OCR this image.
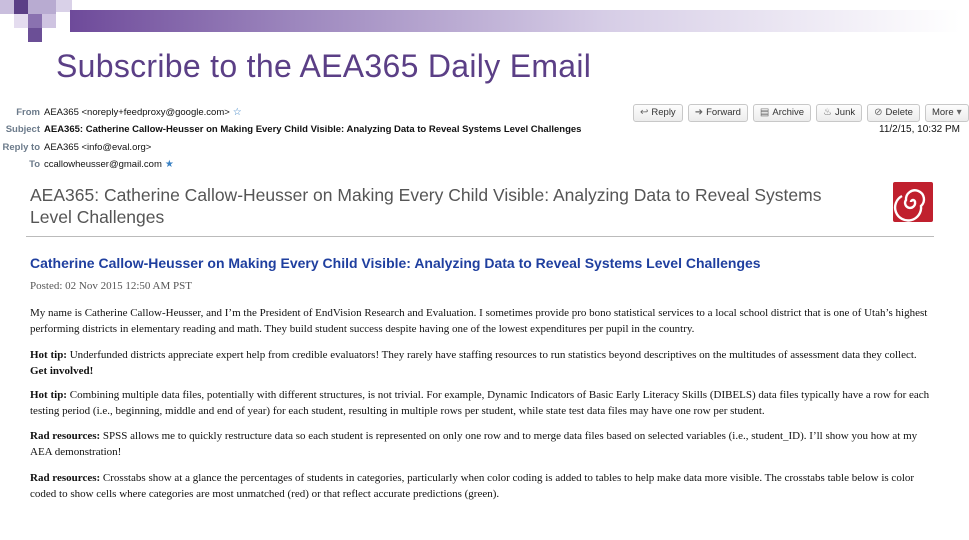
Subscribe to the AEA365 Daily Email
From AEA365 <noreply+feedproxy@google.com> ☆
Subject AEA365: Catherine Callow-Heusser on Making Every Child Visible: Analyzing Data to Reveal Systems Level Challenges
Reply to AEA365 <info@eval.org>
To ccallowheusser@gmail.com ★
↩ Reply ➜ Forward ▤ Archive ♨ Junk ⊘ Delete More ▾
11/2/15, 10:32 PM
AEA365: Catherine Callow-Heusser on Making Every Child Visible: Analyzing Data to Reveal Systems
Level Challenges
Catherine Callow-Heusser on Making Every Child Visible: Analyzing Data to Reveal Systems Level Challenges
Posted: 02 Nov 2015 12:50 AM PST
My name is Catherine Callow-Heusser, and I’m the President of EndVision Research and Evaluation. I sometimes provide pro bono statistical services to a local school district that is one of Utah’s highest performing districts in elementary reading and math. They build student success despite having one of the lowest expenditures per pupil in the country.
Hot tip: Underfunded districts appreciate expert help from credible evaluators! They rarely have staffing resources to run statistics beyond descriptives on the multitudes of assessment data they collect. Get involved!
Hot tip: Combining multiple data files, potentially with different structures, is not trivial. For example, Dynamic Indicators of Basic Early Literacy Skills (DIBELS) data files typically have a row for each testing period (i.e., beginning, middle and end of year) for each student, resulting in multiple rows per student, while state test data files may have one row per student.
Rad resources: SPSS allows me to quickly restructure data so each student is represented on only one row and to merge data files based on selected variables (i.e., student_ID). I’ll show you how at my AEA demonstration!
Rad resources: Crosstabs show at a glance the percentages of students in categories, particularly when color coding is added to tables to help make data more visible. The crosstabs table below is color coded to show cells where categories are most unmatched (red) or that reflect accurate predictions (green).
